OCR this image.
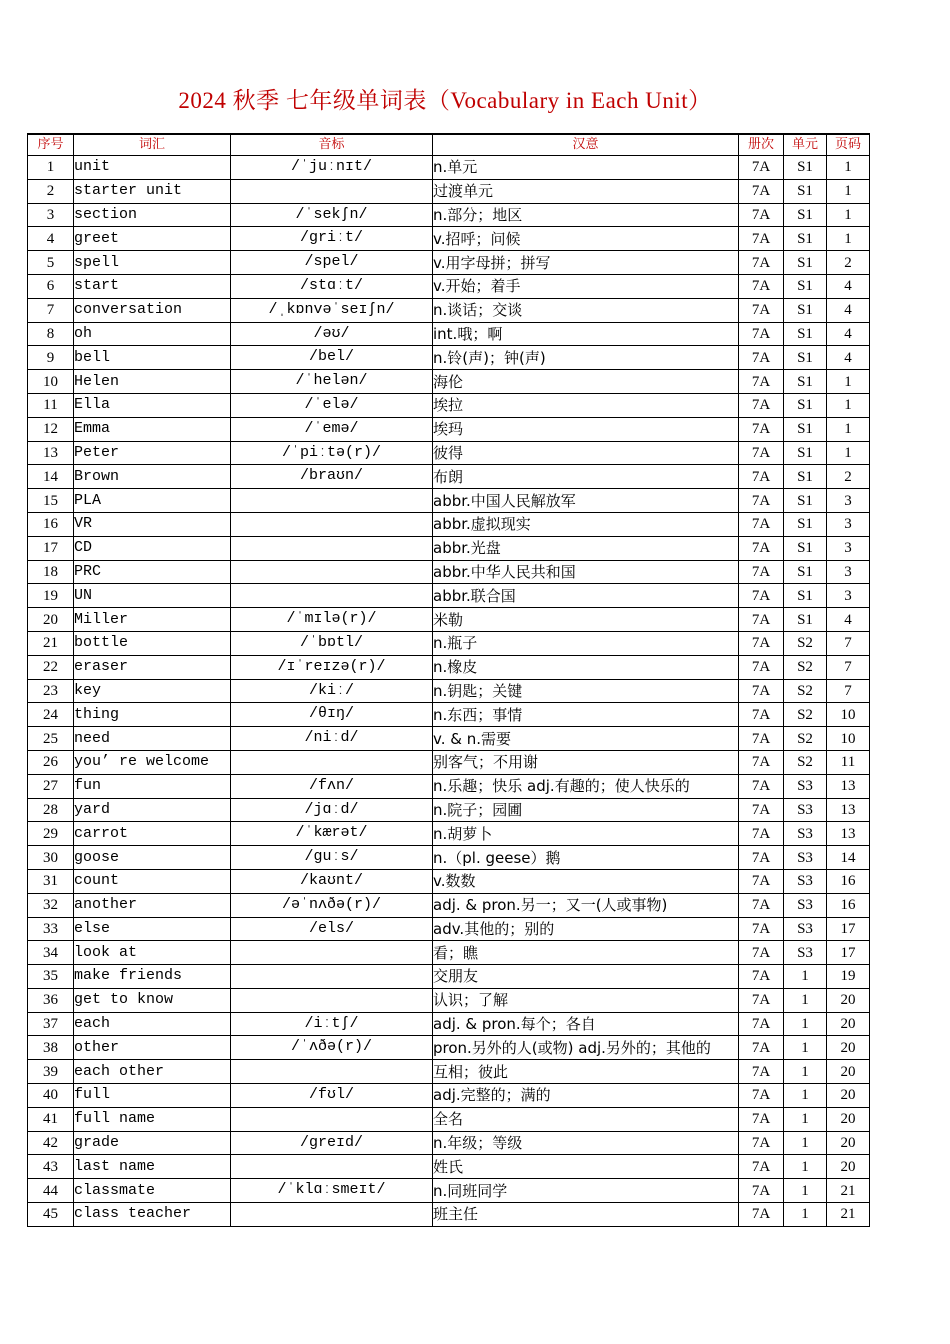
2024 秋季 七年级单词表（Vocabulary in Each Unit）
序号	词汇	音标	汉意	册次	单元	页码
1	unit	/ˈjuːnɪt/	n.单元	7A	S1	1
2	starter unit		过渡单元	7A	S1	1
3	section	/ˈsekʃn/	n.部分；地区	7A	S1	1
4	greet	/ɡriːt/	v.招呼；问候	7A	S1	1
5	spell	/spel/	v.用字母拼；拼写	7A	S1	2
6	start	/stɑːt/	v.开始；着手	7A	S1	4
7	conversation	/ˌkɒnvəˈseɪʃn/	n.谈话；交谈	7A	S1	4
8	oh	/əʊ/	int.哦；啊	7A	S1	4
9	bell	/bel/	n.铃(声)；钟(声)	7A	S1	4
10	Helen	/ˈhelən/	海伦	7A	S1	1
11	Ella	/ˈelə/	埃拉	7A	S1	1
12	Emma	/ˈemə/	埃玛	7A	S1	1
13	Peter	/ˈpiːtə(r)/	彼得	7A	S1	1
14	Brown	/braʊn/	布朗	7A	S1	2
15	PLA		abbr.中国人民解放军	7A	S1	3
16	VR		abbr.虚拟现实	7A	S1	3
17	CD		abbr.光盘	7A	S1	3
18	PRC		abbr.中华人民共和国	7A	S1	3
19	UN		abbr.联合国	7A	S1	3
20	Miller	/ˈmɪlə(r)/	米勒	7A	S1	4
21	bottle	/ˈbɒtl/	n.瓶子	7A	S2	7
22	eraser	/ɪˈreɪzə(r)/	n.橡皮	7A	S2	7
23	key	/kiː/	n.钥匙；关键	7A	S2	7
24	thing	/θɪŋ/	n.东西；事情	7A	S2	10
25	need	/niːd/	v. & n.需要	7A	S2	10
26	you’ re welcome		别客气；不用谢	7A	S2	11
27	fun	/fʌn/	n.乐趣；快乐 adj.有趣的；使人快乐的	7A	S3	13
28	yard	/jɑːd/	n.院子；园圃	7A	S3	13
29	carrot	/ˈkærət/	n.胡萝卜	7A	S3	13
30	goose	/ɡuːs/	n.（pl. geese）鹅	7A	S3	14
31	count	/kaʊnt/	v.数数	7A	S3	16
32	another	/əˈnʌðə(r)/	adj. & pron.另一；又一(人或事物)	7A	S3	16
33	else	/els/	adv.其他的；别的	7A	S3	17
34	look at		看；瞧	7A	S3	17
35	make friends		交朋友	7A	1	19
36	get to know		认识；了解	7A	1	20
37	each	/iːtʃ/	adj. & pron.每个；各自	7A	1	20
38	other	/ˈʌðə(r)/	pron.另外的人(或物) adj.另外的；其他的	7A	1	20
39	each other		互相；彼此	7A	1	20
40	full	/fʊl/	adj.完整的；满的	7A	1	20
41	full name		全名	7A	1	20
42	grade	/ɡreɪd/	n.年级；等级	7A	1	20
43	last name		姓氏	7A	1	20
44	classmate	/ˈklɑːsmeɪt/	n.同班同学	7A	1	21
45	class teacher		班主任	7A	1	21
